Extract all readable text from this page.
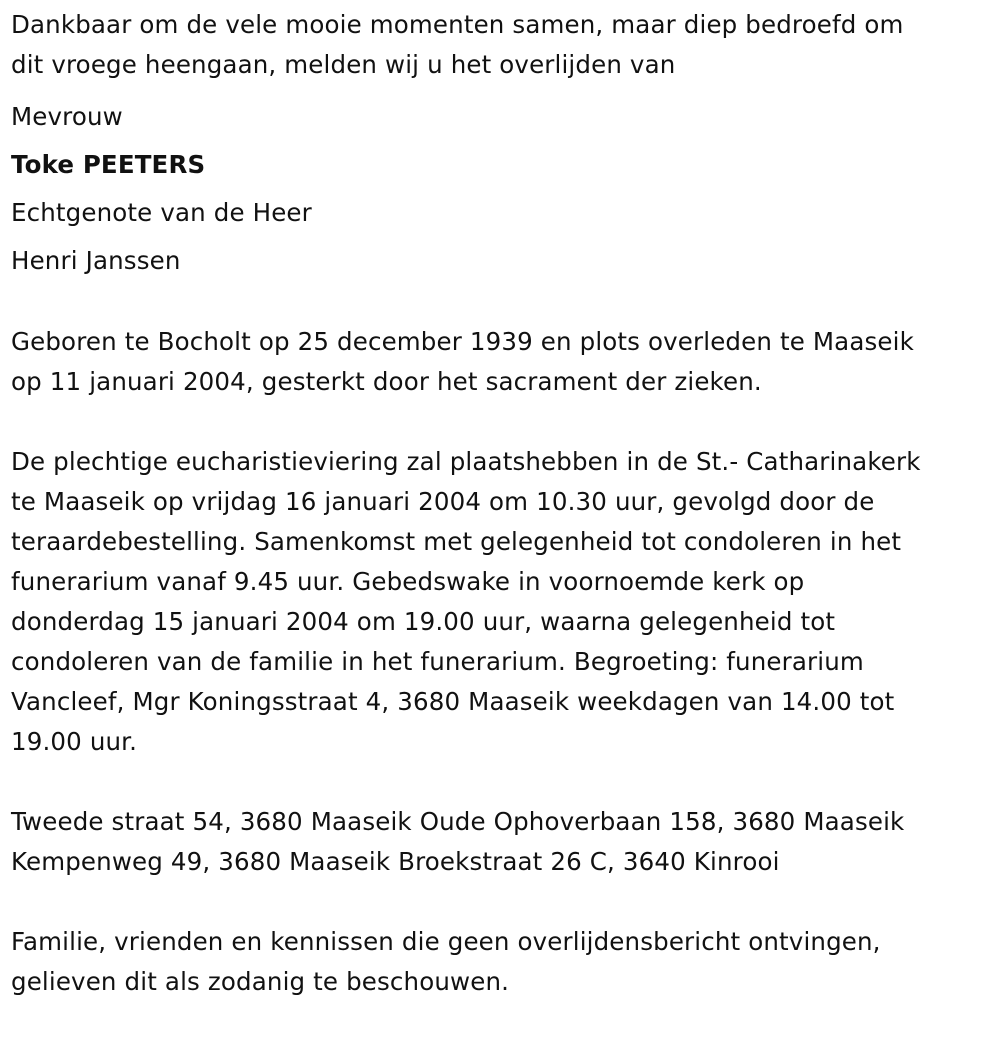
Dankbaar om de vele mooie momenten samen, maar diep bedroefd om
dit vroege heengaan, melden wij u het overlijden van
Mevrouw
Toke PEETERS
Echtgenote van de Heer
Henri Janssen
Geboren te Bocholt op 25 december 1939 en plots overleden te Maaseik
op 11 januari 2004, gesterkt door het sacrament der zieken.
De plechtige eucharistieviering zal plaatshebben in de St.- Catharinakerk
te Maaseik op vrijdag 16 januari 2004 om 10.30 uur, gevolgd door de
teraardebestelling. Samenkomst met gelegenheid tot condoleren in het
funerarium vanaf 9.45 uur. Gebedswake in voornoemde kerk op
donderdag 15 januari 2004 om 19.00 uur, waarna gelegenheid tot
condoleren van de familie in het funerarium. Begroeting: funerarium
Vancleef, Mgr Koningsstraat 4, 3680 Maaseik weekdagen van 14.00 tot
19.00 uur.
Tweede straat 54, 3680 Maaseik Oude Ophoverbaan 158, 3680 Maaseik
Kempenweg 49, 3680 Maaseik Broekstraat 26 C, 3640 Kinrooi
Familie, vrienden en kennissen die geen overlijdensbericht ontvingen,
gelieven dit als zodanig te beschouwen.
